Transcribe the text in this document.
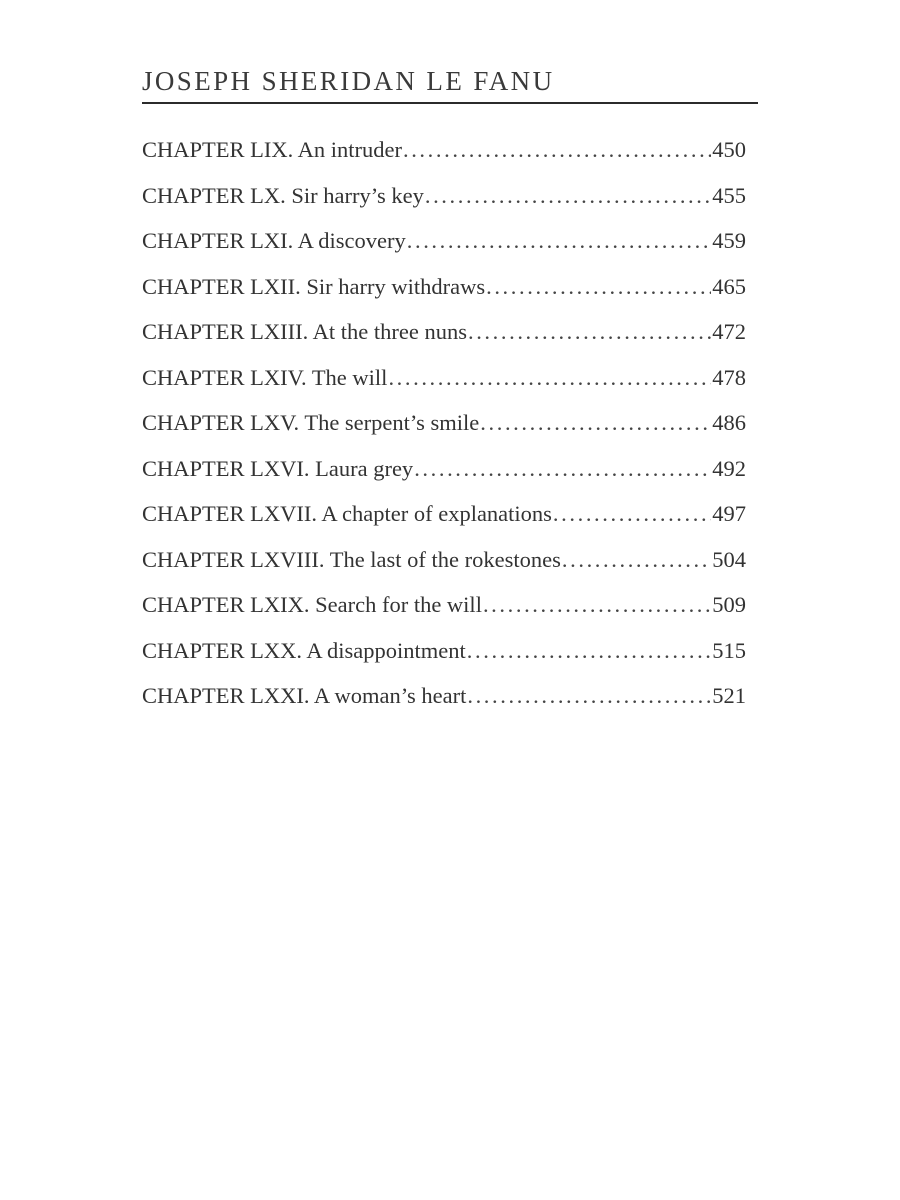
JOSEPH SHERIDAN LE FANU
CHAPTER LIX. An intruder .....	450
CHAPTER LX. Sir harry’s key .....	455
CHAPTER LXI. A discovery .....	459
CHAPTER LXII. Sir harry withdraws .....	465
CHAPTER LXIII. At the three nuns .....	472
CHAPTER LXIV. The will .....	478
CHAPTER LXV. The serpent’s smile .....	486
CHAPTER LXVI. Laura grey .....	492
CHAPTER LXVII. A chapter of explanations .....	497
CHAPTER LXVIII. The last of the rokestones .....	504
CHAPTER LXIX. Search for the will .....	509
CHAPTER LXX. A disappointment .....	515
CHAPTER LXXI. A woman’s heart .....	521
